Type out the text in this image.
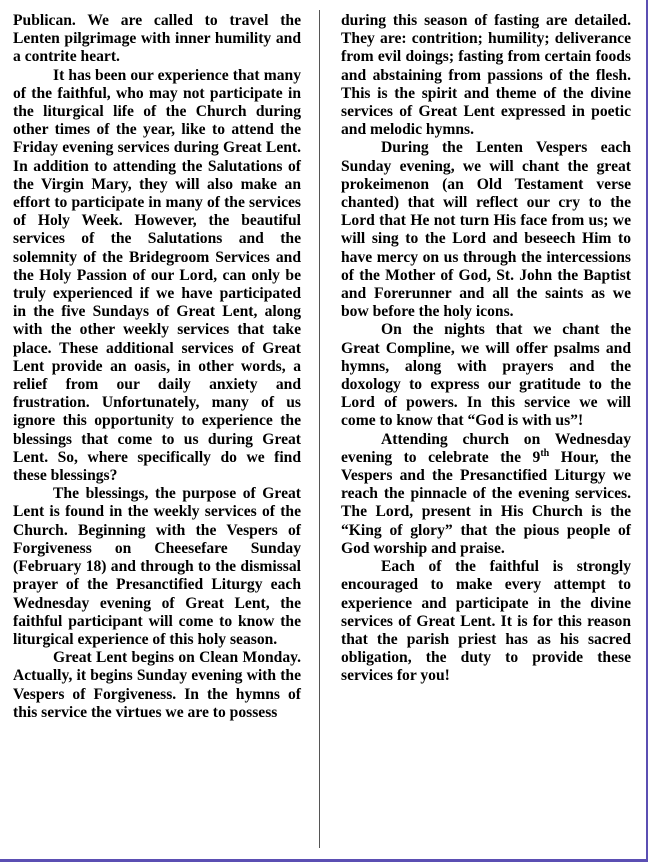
Publican. We are called to travel the Lenten pilgrimage with inner humility and a contrite heart.

It has been our experience that many of the faithful, who may not participate in the liturgical life of the Church during other times of the year, like to attend the Friday evening services during Great Lent. In addition to attending the Salutations of the Virgin Mary, they will also make an effort to participate in many of the services of Holy Week. However, the beautiful services of the Salutations and the solemnity of the Bridegroom Services and the Holy Passion of our Lord, can only be truly experienced if we have participated in the five Sundays of Great Lent, along with the other weekly services that take place. These additional services of Great Lent provide an oasis, in other words, a relief from our daily anxiety and frustration. Unfortunately, many of us ignore this opportunity to experience the blessings that come to us during Great Lent. So, where specifically do we find these blessings?

The blessings, the purpose of Great Lent is found in the weekly services of the Church. Beginning with the Vespers of Forgiveness on Cheesefare Sunday (February 18) and through to the dismissal prayer of the Presanctified Liturgy each Wednesday evening of Great Lent, the faithful participant will come to know the liturgical experience of this holy season.

Great Lent begins on Clean Monday. Actually, it begins Sunday evening with the Vespers of Forgiveness. In the hymns of this service the virtues we are to possess

during this season of fasting are detailed. They are: contrition; humility; deliverance from evil doings; fasting from certain foods and abstaining from passions of the flesh. This is the spirit and theme of the divine services of Great Lent expressed in poetic and melodic hymns.

During the Lenten Vespers each Sunday evening, we will chant the great prokeimenon (an Old Testament verse chanted) that will reflect our cry to the Lord that He not turn His face from us; we will sing to the Lord and beseech Him to have mercy on us through the intercessions of the Mother of God, St. John the Baptist and Forerunner and all the saints as we bow before the holy icons.

On the nights that we chant the Great Compline, we will offer psalms and hymns, along with prayers and the doxology to express our gratitude to the Lord of powers. In this service we will come to know that “God is with us”!

Attending church on Wednesday evening to celebrate the 9th Hour, the Vespers and the Presanctified Liturgy we reach the pinnacle of the evening services. The Lord, present in His Church is the “King of glory” that the pious people of God worship and praise.

Each of the faithful is strongly encouraged to make every attempt to experience and participate in the divine services of Great Lent. It is for this reason that the parish priest has as his sacred obligation, the duty to provide these services for you!
